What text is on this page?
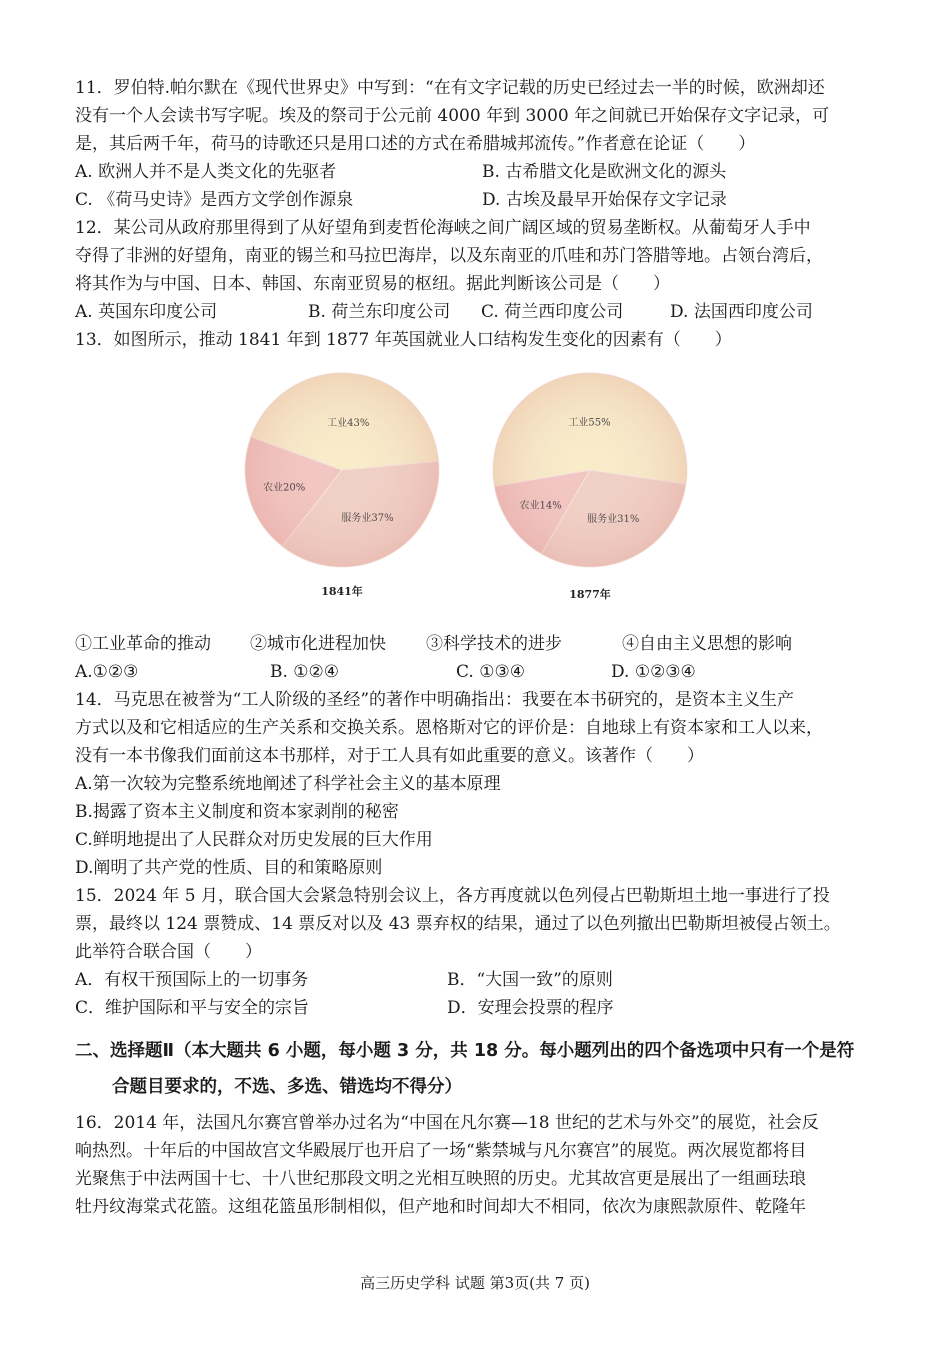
11．罗伯特.帕尔默在《现代世界史》中写到：“在有文字记载的历史已经过去一半的时候，欧洲却还
没有一个人会读书写字呢。埃及的祭司于公元前 4000 年到 3000 年之间就已开始保存文字记录，可
是，其后两千年，荷马的诗歌还只是用口述的方式在希腊城邦流传。”作者意在论证（　　）
A. 欧洲人并不是人类文化的先驱者	B. 古希腊文化是欧洲文化的源头
C. 《荷马史诗》是西方文学创作源泉	D. 古埃及最早开始保存文字记录
12．某公司从政府那里得到了从好望角到麦哲伦海峡之间广阔区域的贸易垄断权。从葡萄牙人手中
夺得了非洲的好望角，南亚的锡兰和马拉巴海岸，以及东南亚的爪哇和苏门答腊等地。占领台湾后，
将其作为与中国、日本、韩国、东南亚贸易的枢纽。据此判断该公司是（　　）
A. 英国东印度公司	B. 荷兰东印度公司 C. 荷兰西印度公司	D. 法国西印度公司
13．如图所示，推动 1841 年到 1877 年英国就业人口结构发生变化的因素有（　　）
1841年	1877年
①工业革命的推动 ②城市化进程加快 ③科学技术的进步	④自由主义思想的影响
A.①②③	B. ①②④	C. ①③④	D. ①②③④
14．马克思在被誉为“工人阶级的圣经”的著作中明确指出：我要在本书研究的，是资本主义生产
方式以及和它相适应的生产关系和交换关系。恩格斯对它的评价是：自地球上有资本家和工人以来，
没有一本书像我们面前这本书那样，对于工人具有如此重要的意义。该著作（　　）
A.第一次较为完整系统地阐述了科学社会主义的基本原理
B.揭露了资本主义制度和资本家剥削的秘密
C.鲜明地提出了人民群众对历史发展的巨大作用
D.阐明了共产党的性质、目的和策略原则
15．2024 年 5 月，联合国大会紧急特别会议上，各方再度就以色列侵占巴勒斯坦土地一事进行了投
票，最终以 124 票赞成、14 票反对以及 43 票弃权的结果，通过了以色列撤出巴勒斯坦被侵占领土。
此举符合联合国（　　）
A．有权干预国际上的一切事务	B．“大国一致”的原则
C．维护国际和平与安全的宗旨	D．安理会投票的程序
二、选择题Ⅱ（本大题共 6 小题，每小题 3 分，共 18 分。每小题列出的四个备选项中只有一个是符
合题目要求的，不选、多选、错选均不得分）
16．2014 年，法国凡尔赛宫曾举办过名为“中国在凡尔赛—18 世纪的艺术与外交”的展览，社会反
响热烈。十年后的中国故宫文华殿展厅也开启了一场“紫禁城与凡尔赛宫”的展览。两次展览都将目
光聚焦于中法两国十七、十八世纪那段文明之光相互映照的历史。尤其故宫更是展出了一组画珐琅
牡丹纹海棠式花篮。这组花篮虽形制相似，但产地和时间却大不相同，依次为康熙款原件、乾隆年
高三历史学科 试题 第3页(共 7 页)
